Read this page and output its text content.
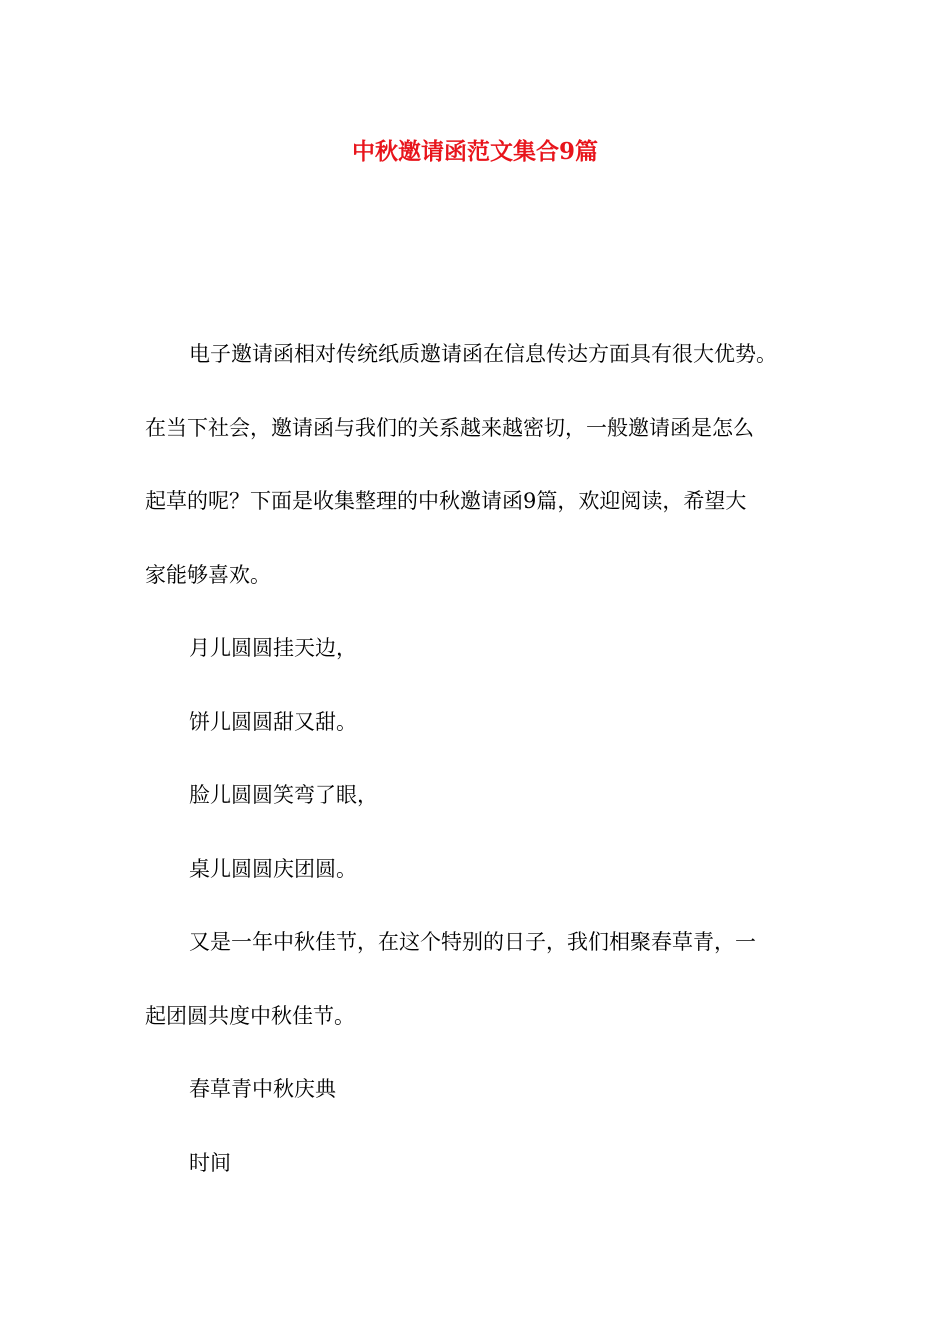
中秋邀请函范文集合9篇

电子邀请函相对传统纸质邀请函在信息传达方面具有很大优势。

在当下社会，邀请函与我们的关系越来越密切，一般邀请函是怎么

起草的呢？下面是收集整理的中秋邀请函9篇，欢迎阅读，希望大

家能够喜欢。

月儿圆圆挂天边，

饼儿圆圆甜又甜。

脸儿圆圆笑弯了眼，

桌儿圆圆庆团圆。

又是一年中秋佳节，在这个特别的日子，我们相聚春草青，一

起团圆共度中秋佳节。

春草青中秋庆典

时间
